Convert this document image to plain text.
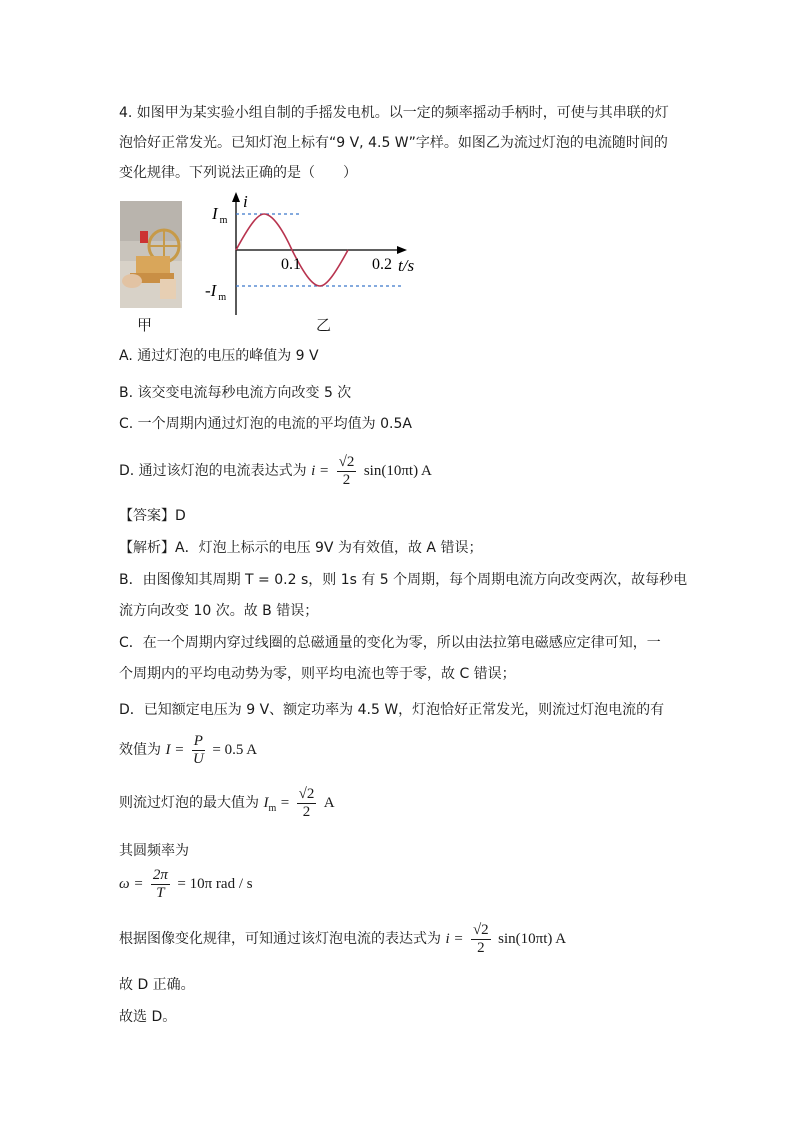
4. 如图甲为某实验小组自制的手摇发电机。以一定的频率摇动手柄时，可使与其串联的灯
泡恰好正常发光。已知灯泡上标有“9 V, 4.5 W”字样。如图乙为流过灯泡的电流随时间的
变化规律。下列说法正确的是（　　）
甲
i
I $_m$
-I $_m$
0.1	0.2 t/s
乙
A. 通过灯泡的电压的峰值为 9 V
B. 该交变电流每秒电流方向改变 5 次
C. 一个周期内通过灯泡的电流的平均值为 0.5A
D. 通过该灯泡的电流表达式为 $i = \frac{√2}{2} \sin(10\pi t)$ A
【答案】D
【解析】A．灯泡上标示的电压 9V 为有效值，故 A 错误；
B．由图像知其周期 T = 0.2 s，则 1s 有 5 个周期，每个周期电流方向改变两次，故每秒电
流方向改变 10 次。故 B 错误；
C．在一个周期内穿过线圈的总磁通量的变化为零，所以由法拉第电磁感应定律可知，一
个周期内的平均电动势为零，则平均电流也等于零，故 C 错误；
D．已知额定电压为 9 V、额定功率为 4.5 W，灯泡恰好正常发光，则流过灯泡电流的有
效值为 $I = \frac{P}{U} = 0.5$ A
则流过灯泡的最大值为 $I_m = \frac{√2}{2}$ A
其圆频率为
$\omega = \frac{2\pi}{T} = 10\pi$ rad / s
根据图像变化规律，可知通过该灯泡电流的表达式为 $i = \frac{√2}{2} \sin(10\pi t)$ A
故 D 正确。
故选 D。
